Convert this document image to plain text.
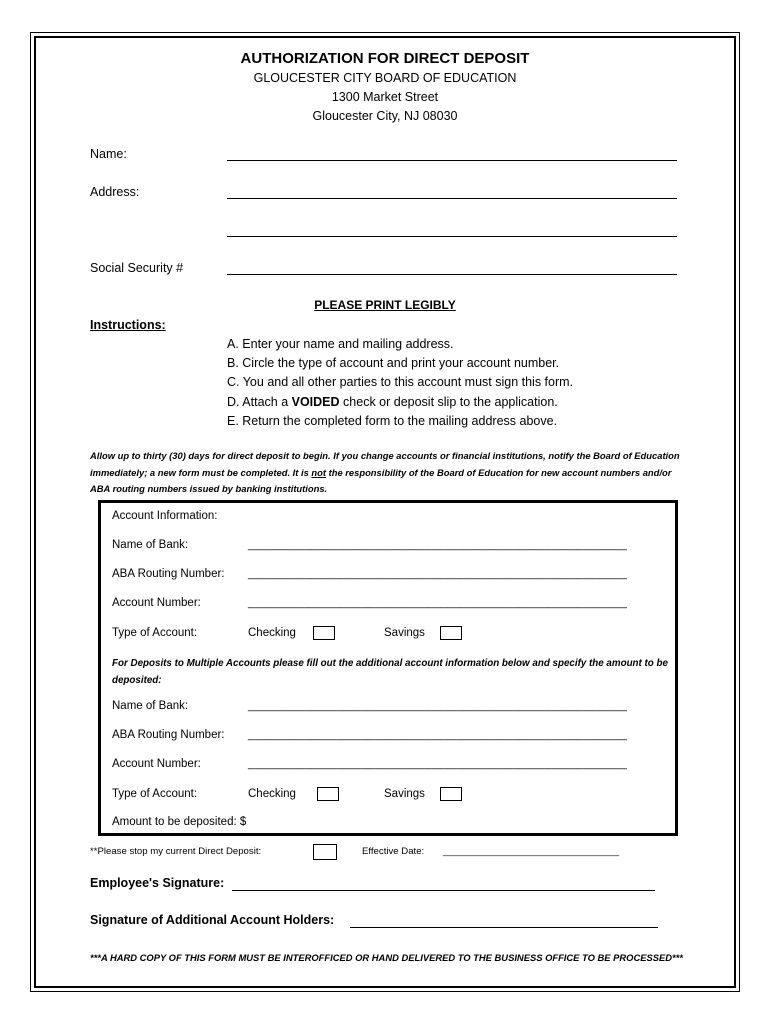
AUTHORIZATION FOR DIRECT DEPOSIT
GLOUCESTER CITY BOARD OF EDUCATION
1300 Market Street
Gloucester City, NJ 08030
Name:
Address:
Social Security #
PLEASE PRINT LEGIBLY
Instructions:
A. Enter your name and mailing address.
B. Circle the type of account and print your account number.
C. You and all other parties to this account must sign this form.
D. Attach a VOIDED check or deposit slip to the application.
E. Return the completed form to the mailing address above.
Allow up to thirty (30) days for direct deposit to begin. If you change accounts or financial institutions, notify the Board of Education immediately; a new form must be completed. It is not the responsibility of the Board of Education for new account numbers and/or ABA routing numbers issued by banking institutions.
Account Information:
Name of Bank:	____________________________________________________________
ABA Routing Number: ____________________________________________________________
Account Number:	____________________________________________________________
Type of Account:	Checking	Savings
For Deposits to Multiple Accounts please fill out the additional account information below and specify the amount to be deposited:
Name of Bank:	____________________________________________________________
ABA Routing Number: ____________________________________________________________
Account Number:	____________________________________________________________
Type of Account:	Checking	Savings
Amount to be deposited: $
**Please stop my current Direct Deposit:	Effective Date: _________________________________
Employee's Signature:
Signature of Additional Account Holders:
***A HARD COPY OF THIS FORM MUST BE INTEROFFICED OR HAND DELIVERED TO THE BUSINESS OFFICE TO BE PROCESSED***
